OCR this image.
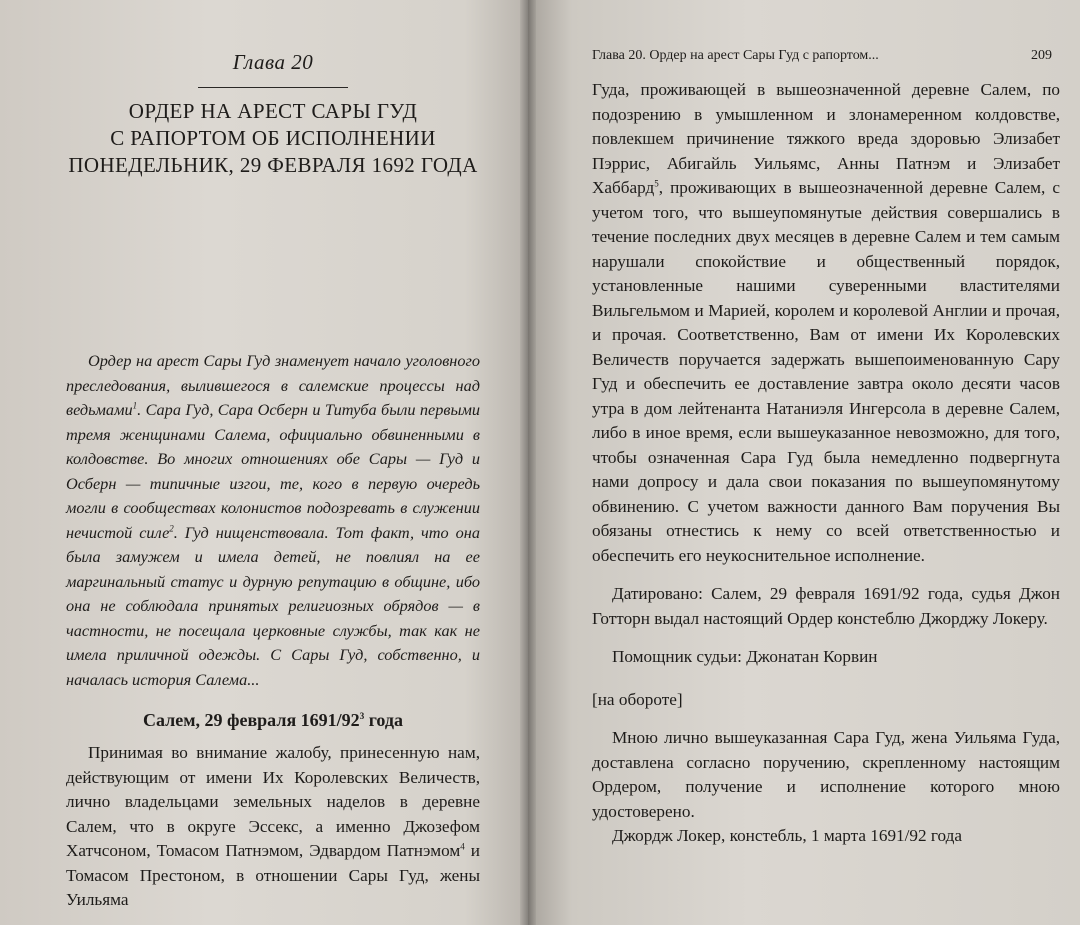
Глава 20
ОРДЕР НА АРЕСТ САРЫ ГУД
С РАПОРТОМ ОБ ИСПОЛНЕНИИ
ПОНЕДЕЛЬНИК, 29 ФЕВРАЛЯ 1692 ГОДА

Ордер на арест Сары Гуд знаменует начало уголовного преследования, вылившегося в салемские процессы над ведьмами$^1$. Сара Гуд, Сара Осберн и Титуба были первыми тремя женщинами Салема, официально обвиненными в колдовстве. Во многих отношениях обе Сары — Гуд и Осберн — типичные изгои, те, кого в первую очередь могли в сообществах колонистов подозревать в служении нечистой силе$^2$. Гуд нищенствовала. Тот факт, что она была замужем и имела детей, не повлиял на ее маргинальный статус и дурную репутацию в общине, ибо она не соблюдала принятых религиозных обрядов — в частности, не посещала церковные службы, так как не имела приличной одежды. С Сары Гуд, собственно, и началась история Салема...

Салем, 29 февраля $1691/92^3$ года

Принимая во внимание жалобу, принесенную нам, действующим от имени Их Королевских Величеств, лично владельцами земельных наделов в деревне Салем, что в округе Эссекс, а именно Джозефом Хатчсоном, Томасом Патнэмом, Эдвардом Патнэмом$^4$ и Томасом Престоном, в отношении Сары Гуд, жены Уильяма

Глава 20. Ордер на арест Сары Гуд с рапортом...	209

Гуда, проживающей в вышеозначенной деревне Салем, по подозрению в умышленном и злонамеренном колдовстве, повлекшем причинение тяжкого вреда здоровью Элизабет Пэррис, Абигайль Уильямс, Анны Патнэм и Элизабет Хаббард$^5$, проживающих в вышеозначенной деревне Салем, с учетом того, что вышеупомянутые действия совершались в течение последних двух месяцев в деревне Салем и тем самым нарушали спокойствие и общественный порядок, установленные нашими суверенными властителями Вильгельмом и Марией, королем и королевой Англии и прочая, и прочая. Соответственно, Вам от имени Их Королевских Величеств поручается задержать вышепоименованную Сару Гуд и обеспечить ее доставление завтра около десяти часов утра в дом лейтенанта Натаниэля Ингерсола в деревне Салем, либо в иное время, если вышеуказанное невозможно, для того, чтобы означенная Сара Гуд была немедленно подвергнута нами допросу и дала свои показания по вышеупомянутому обвинению. С учетом важности данного Вам поручения Вы обязаны отнестись к нему со всей ответственностью и обеспечить его неукоснительное исполнение.

Датировано: Салем, 29 февраля 1691/92 года, судья Джон Готторн выдал настоящий Ордер констеблю Джорджу Локеру.

Помощник судьи: Джонатан Корвин

[на обороте]

Мною лично вышеуказанная Сара Гуд, жена Уильяма Гуда, доставлена согласно поручению, скрепленному настоящим Ордером, получение и исполнение которого мною удостоверено.

Джордж Локер, констебль, 1 марта 1691/92 года
